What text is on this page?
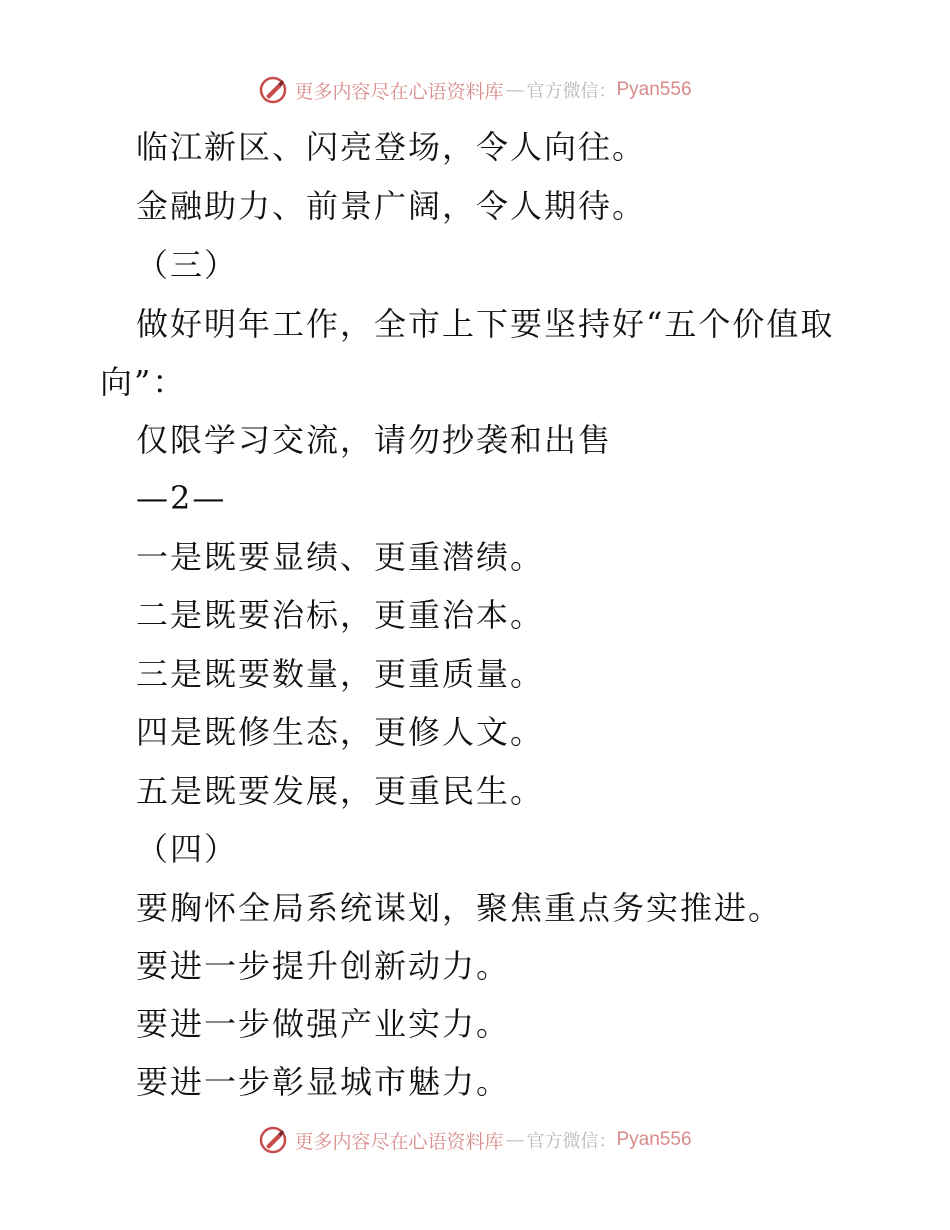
更多内容尽在心语资料库 — 官方微信： Pyan556
临江新区、闪亮登场，令人向往。
金融助力、前景广阔，令人期待。
（三）
做好明年工作，全市上下要坚持好“五个价值取
向”：
仅限学习交流，请勿抄袭和出售
—2—
一是既要显绩、更重潜绩。
二是既要治标，更重治本。
三是既要数量，更重质量。
四是既修生态，更修人文。
五是既要发展，更重民生。
（四）
要胸怀全局系统谋划，聚焦重点务实推进。
要进一步提升创新动力。
要进一步做强产业实力。
要进一步彰显城市魅力。
更多内容尽在心语资料库 — 官方微信： Pyan556
